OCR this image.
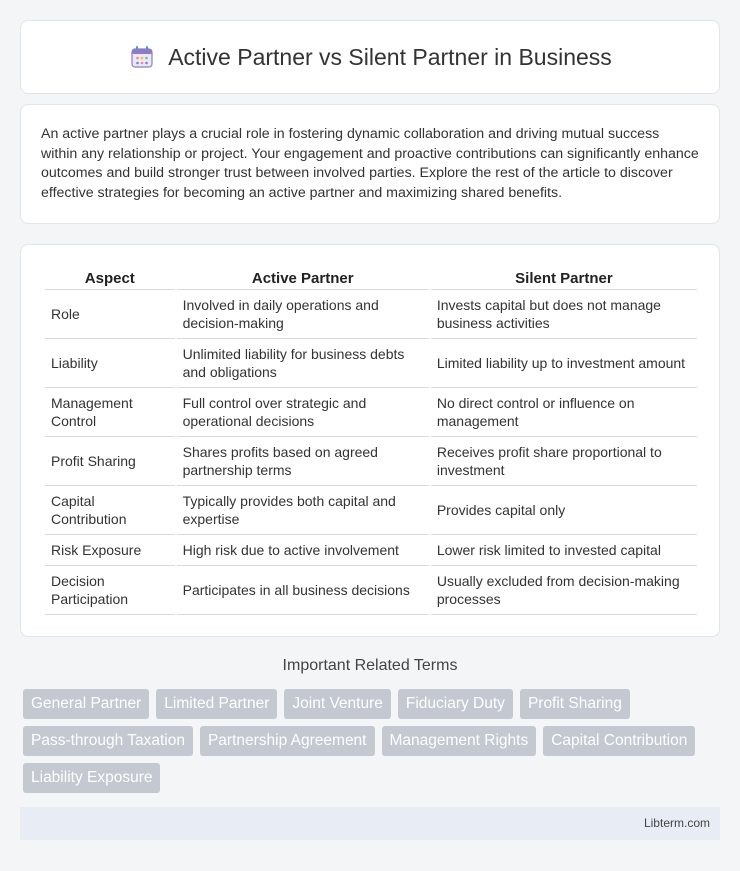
Active Partner vs Silent Partner in Business

An active partner plays a crucial role in fostering dynamic collaboration and driving mutual success within any relationship or project. Your engagement and proactive contributions can significantly enhance outcomes and build stronger trust between involved parties. Explore the rest of the article to discover effective strategies for becoming an active partner and maximizing shared benefits.

Aspect	Active Partner	Silent Partner
Role	Involved in daily operations and decision-making	Invests capital but does not manage business activities
Liability	Unlimited liability for business debts and obligations	Limited liability up to investment amount
Management Control	Full control over strategic and operational decisions	No direct control or influence on management
Profit Sharing	Shares profits based on agreed partnership terms	Receives profit share proportional to investment
Capital Contribution	Typically provides both capital and expertise	Provides capital only
Risk Exposure	High risk due to active involvement	Lower risk limited to invested capital
Decision Participation	Participates in all business decisions	Usually excluded from decision-making processes
Important Related Terms
General Partner	Limited Partner	Joint Venture	Fiduciary Duty	Profit Sharing
Pass-through Taxation	Partnership Agreement	Management Rights	Capital Contribution
Liability Exposure
Libterm.com
